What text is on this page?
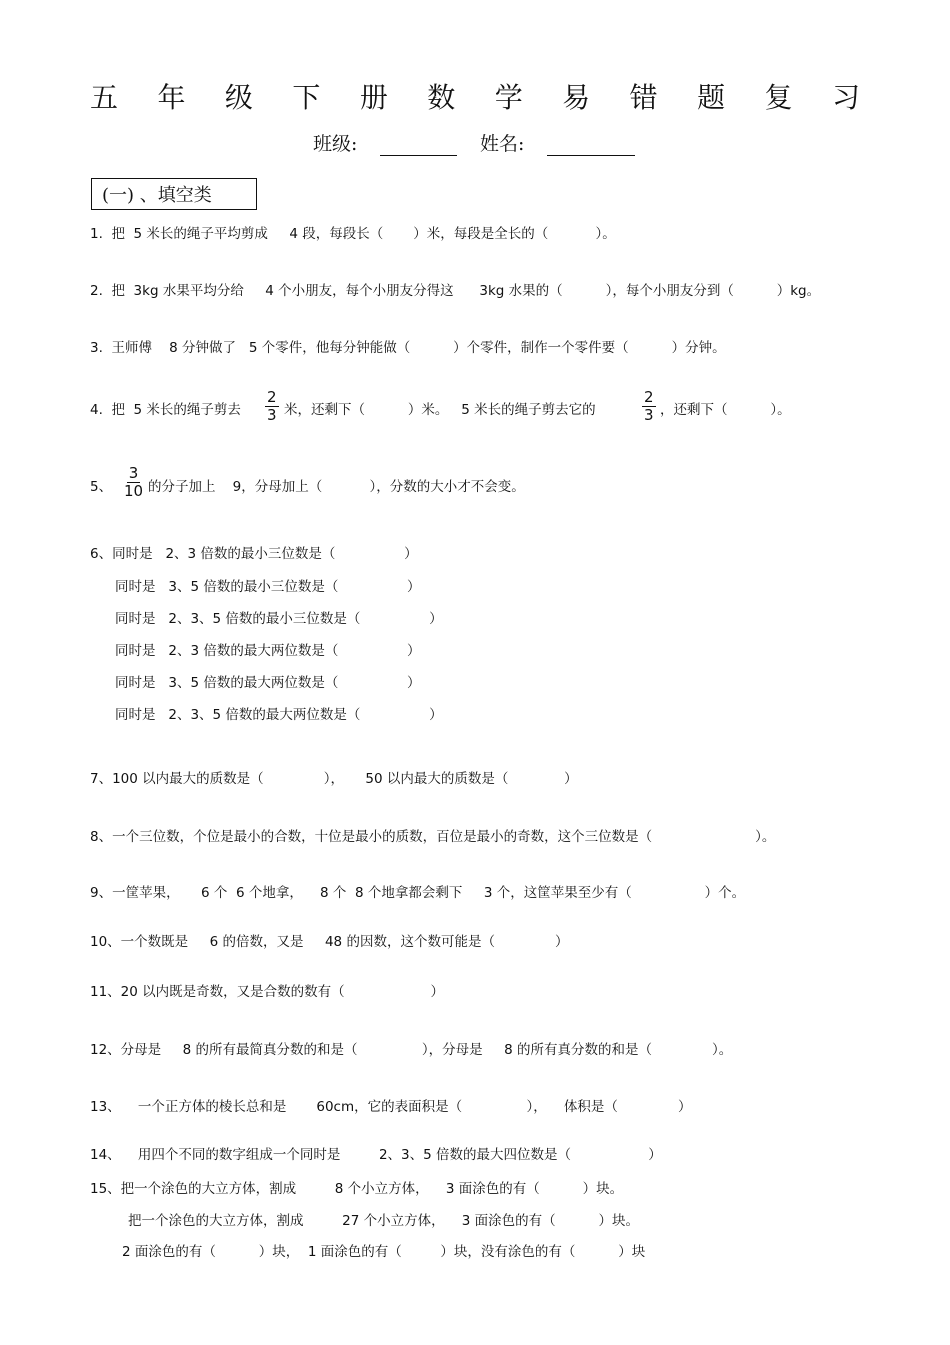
五 年 级 下 册 数 学 易 错 题 复 习
班级:	姓名:
(一) 、填空类
1.  把  5 米长的绳子平均剪成     4 段，每段长（       ）米，每段是全长的（           ）。
2.  把  3kg 水果平均分给     4 个小朋友，每个小朋友分得这      3kg 水果的（          ），每个小朋友分到（          ）kg。
3.  王师傅    8 分钟做了   5 个零件，他每分钟能做（          ）个零件，制作一个零件要（          ）分钟。
4.  把  5 米长的绳子剪去 $\frac{2}{3}$ 米，还剩下（          ）米。   5 米长的绳子剪去它的	$\frac{2}{3}$ ，还剩下（          ）。
5、 $\frac{3}{10}$ 的分子加上    9，分母加上（           ），分数的大小才不会变。
6、同时是   2、3 倍数的最小三位数是（                ）
同时是   3、5 倍数的最小三位数是（                ）
同时是   2、3、5 倍数的最小三位数是（                ）
同时是   2、3 倍数的最大两位数是（                ）
同时是   3、5 倍数的最大两位数是（                ）
同时是   2、3、5 倍数的最大两位数是（                ）
7、100 以内最大的质数是（              ），     50 以内最大的质数是（             ）
8、一个三位数，个位是最小的合数，十位是最小的质数，百位是最小的奇数，这个三位数是（                        ）。
9、一筐苹果，     6 个  6 个地拿，    8 个  8 个地拿都会剩下     3 个，这筐苹果至少有（                 ）个。
10、一个数既是     6 的倍数，又是     48 的因数，这个数可能是（              ）
11、20 以内既是奇数，又是合数的数有（                    ）
12、分母是     8 的所有最简真分数的和是（               ），分母是     8 的所有真分数的和是（              ）。
13、    一个正方体的棱长总和是       60cm，它的表面积是（               ），    体积是（              ）
14、    用四个不同的数字组成一个同时是         2、3、5 倍数的最大四位数是（                  ）
15、把一个涂色的大立方体，割成         8 个小立方体，    3 面涂色的有（          ）块。
把一个涂色的大立方体，割成         27 个小立方体，    3 面涂色的有（          ）块。
2 面涂色的有（          ）块，  1 面涂色的有（         ）块，没有涂色的有（          ）块
